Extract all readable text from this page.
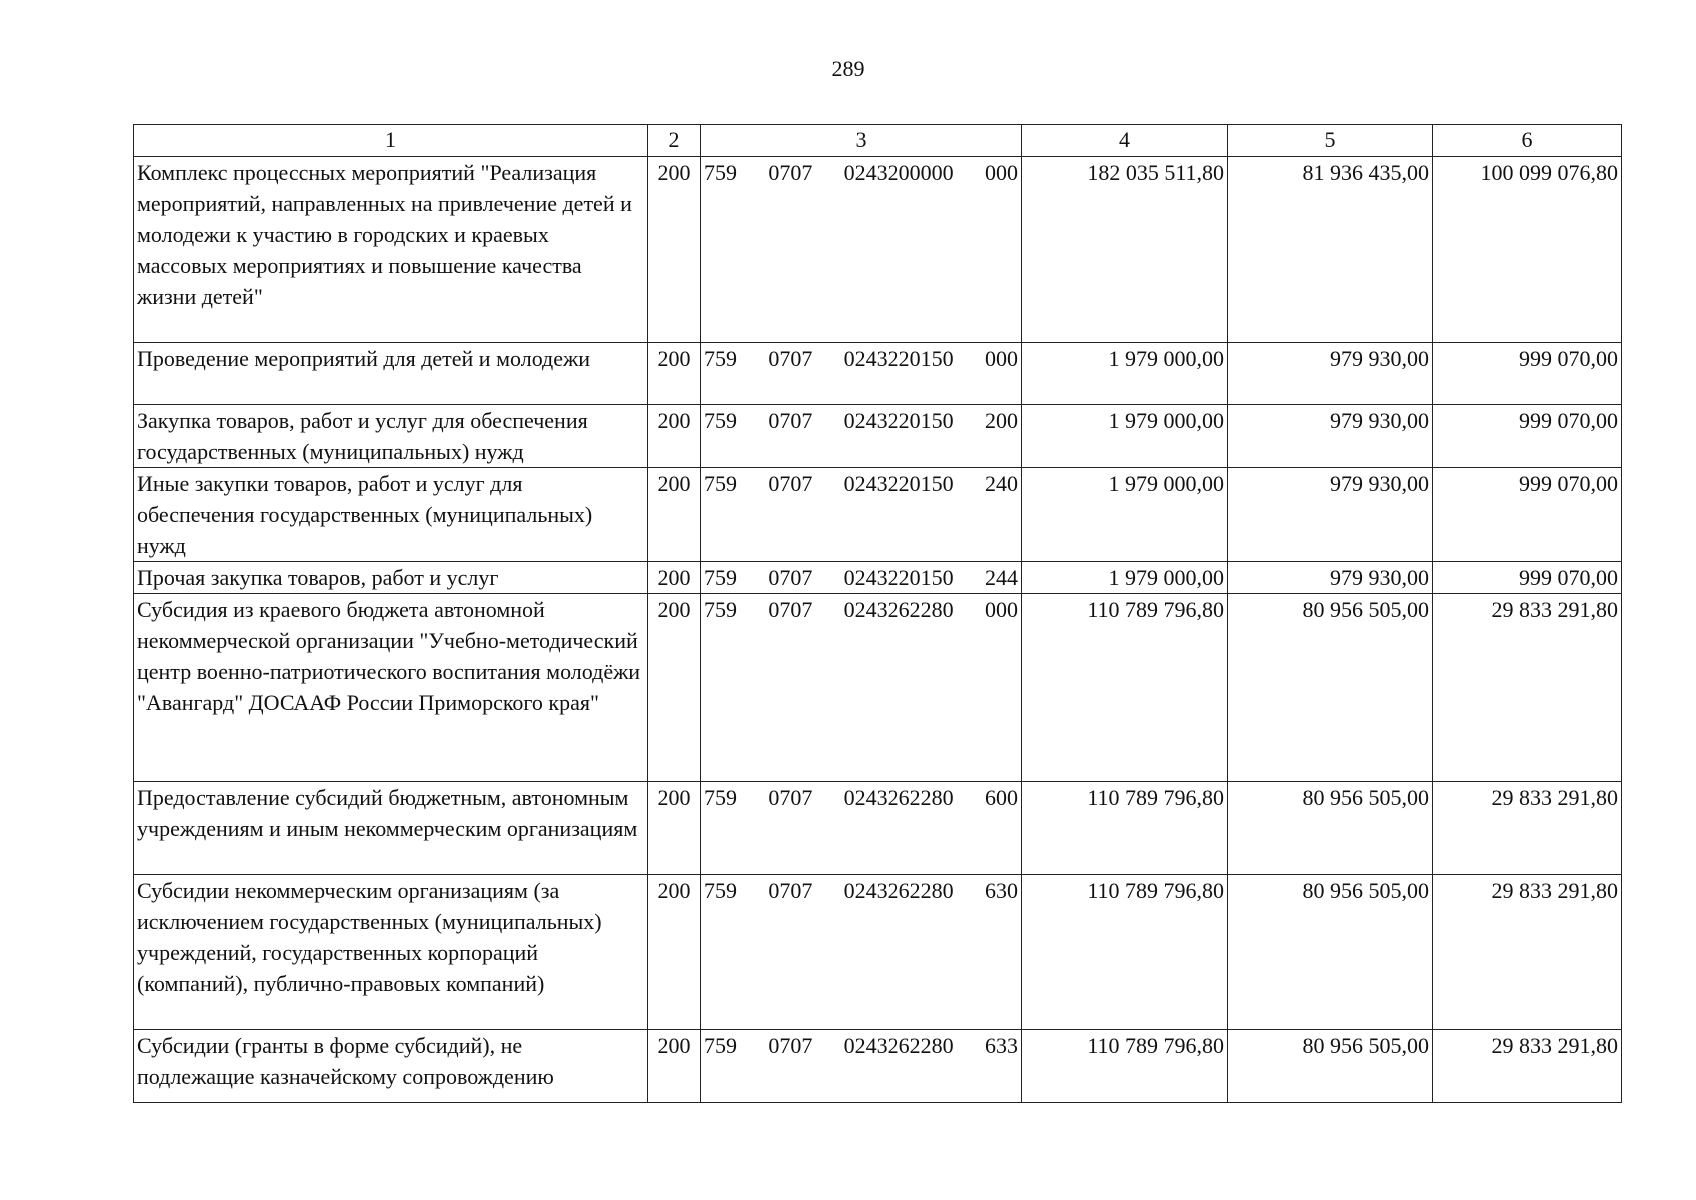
289
1	2	3	4	5	6
Комплекс процессных мероприятий "Реализация мероприятий, направленных на привлечение детей и молодежи к участию в городских и краевых массовых мероприятиях и повышение качества жизни детей"	200	759 0707 0243200000 000	182 035 511,80	81 936 435,00	100 099 076,80
Проведение мероприятий для детей и молодежи	200	759 0707 0243220150 000	1 979 000,00	979 930,00	999 070,00
Закупка товаров, работ и услуг для обеспечения государственных (муниципальных) нужд	200	759 0707 0243220150 200	1 979 000,00	979 930,00	999 070,00
Иные закупки товаров, работ и услуг для обеспечения государственных (муниципальных) нужд	200	759 0707 0243220150 240	1 979 000,00	979 930,00	999 070,00
Прочая закупка товаров, работ и услуг	200	759 0707 0243220150 244	1 979 000,00	979 930,00	999 070,00
Субсидия из краевого бюджета автономной некоммерческой организации "Учебно-методический центр военно-патриотического воспитания молодёжи "Авангард" ДОСААФ России Приморского края"	200	759 0707 0243262280 000	110 789 796,80	80 956 505,00	29 833 291,80
Предоставление субсидий бюджетным, автономным учреждениям и иным некоммерческим организациям	200	759 0707 0243262280 600	110 789 796,80	80 956 505,00	29 833 291,80
Субсидии некоммерческим организациям (за исключением государственных (муниципальных) учреждений, государственных корпораций (компаний), публично-правовых компаний)	200	759 0707 0243262280 630	110 789 796,80	80 956 505,00	29 833 291,80
Субсидии (гранты в форме субсидий), не подлежащие казначейскому сопровождению	200	759 0707 0243262280 633	110 789 796,80	80 956 505,00	29 833 291,80
